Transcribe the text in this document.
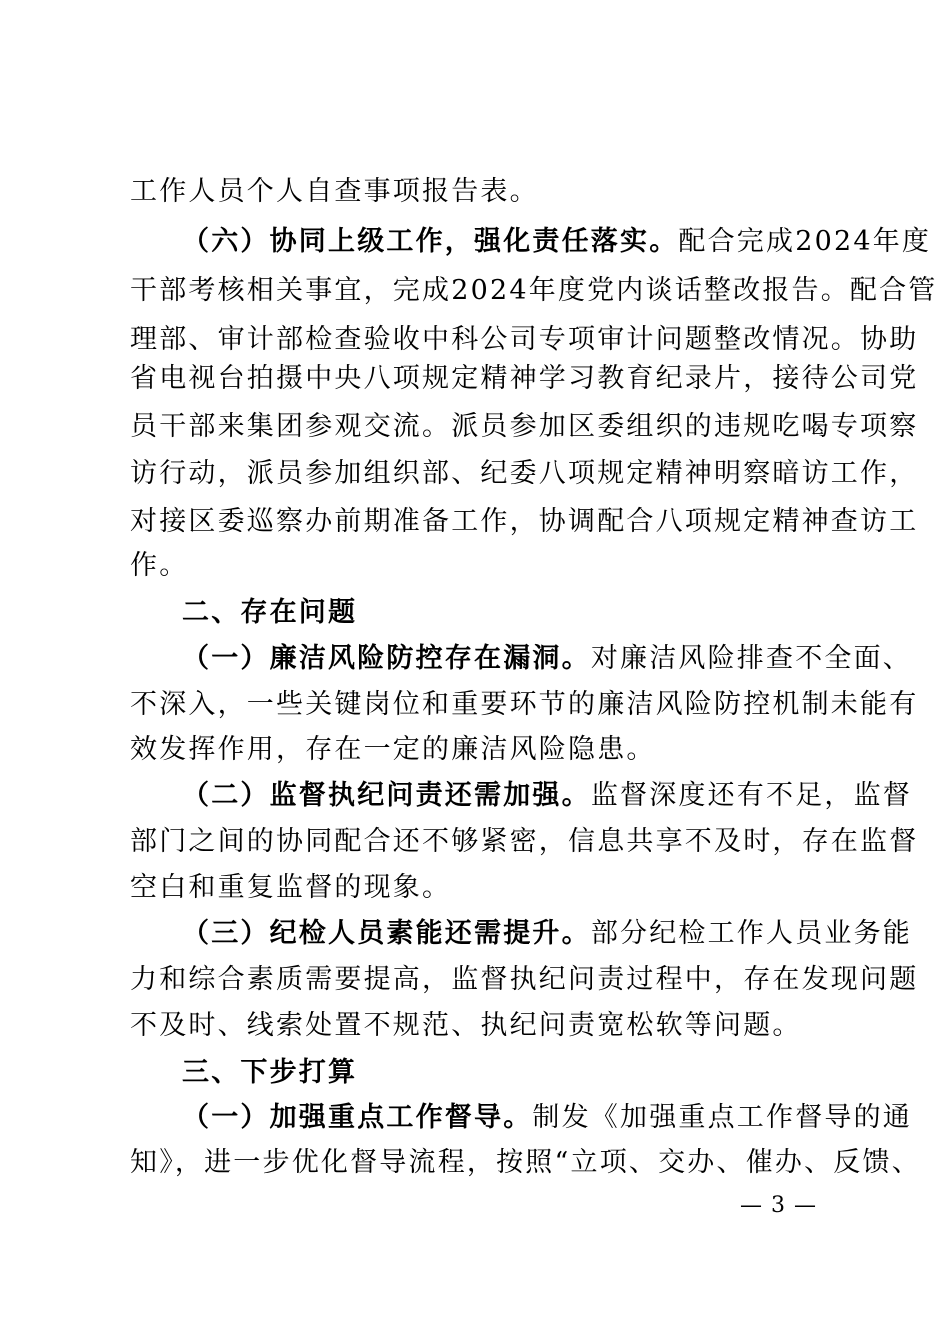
工作人员个人自查事项报告表。
（六）协同上级工作，强化责任落实。配合完成2024年度
干部考核相关事宜，完成2024年度党内谈话整改报告。配合管
理部、审计部检查验收中科公司专项审计问题整改情况。协助
省电视台拍摄中央八项规定精神学习教育纪录片，接待公司党
员干部来集团参观交流。派员参加区委组织的违规吃喝专项察
访行动，派员参加组织部、纪委八项规定精神明察暗访工作，
对接区委巡察办前期准备工作，协调配合八项规定精神查访工
作。
二、存在问题
（一）廉洁风险防控存在漏洞。对廉洁风险排查不全面、
不深入，一些关键岗位和重要环节的廉洁风险防控机制未能有
效发挥作用，存在一定的廉洁风险隐患。
（二）监督执纪问责还需加强。监督深度还有不足，监督
部门之间的协同配合还不够紧密，信息共享不及时，存在监督
空白和重复监督的现象。
（三）纪检人员素能还需提升。部分纪检工作人员业务能
力和综合素质需要提高，监督执纪问责过程中，存在发现问题
不及时、线索处置不规范、执纪问责宽松软等问题。
三、下步打算
（一）加强重点工作督导。制发《加强重点工作督导的通
知》，进一步优化督导流程，按照“立项、交办、催办、反馈、
— 3 —
